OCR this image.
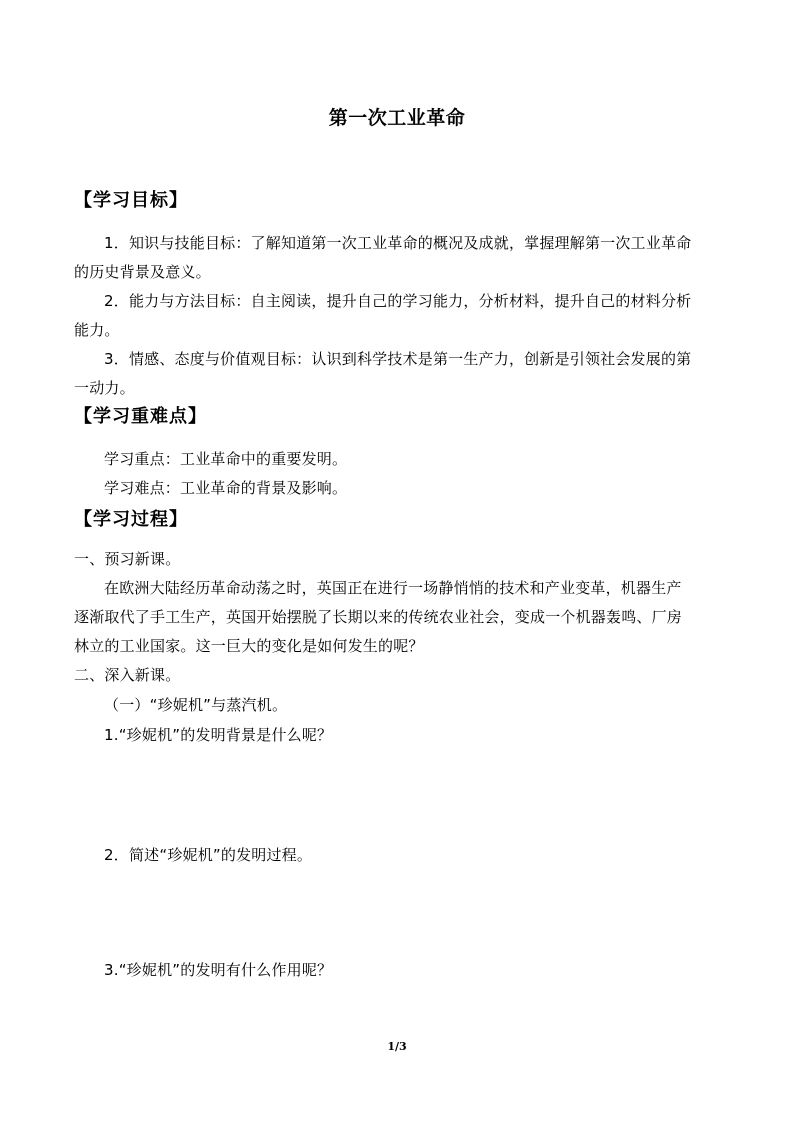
第一次工业革命
【学习目标】
1．知识与技能目标：了解知道第一次工业革命的概况及成就，掌握理解第一次工业革命
的历史背景及意义。
2．能力与方法目标：自主阅读，提升自己的学习能力，分析材料，提升自己的材料分析
能力。
3．情感、态度与价值观目标：认识到科学技术是第一生产力，创新是引领社会发展的第
一动力。
【学习重难点】
学习重点：工业革命中的重要发明。
学习难点：工业革命的背景及影响。
【学习过程】
一、预习新课。
在欧洲大陆经历革命动荡之时，英国正在进行一场静悄悄的技术和产业变革，机器生产
逐渐取代了手工生产，英国开始摆脱了长期以来的传统农业社会，变成一个机器轰鸣、厂房
林立的工业国家。这一巨大的变化是如何发生的呢？
二、深入新课。
（一）“珍妮机”与蒸汽机。
1.“珍妮机”的发明背景是什么呢？
2．简述“珍妮机”的发明过程。
3.“珍妮机”的发明有什么作用呢？
1/3
